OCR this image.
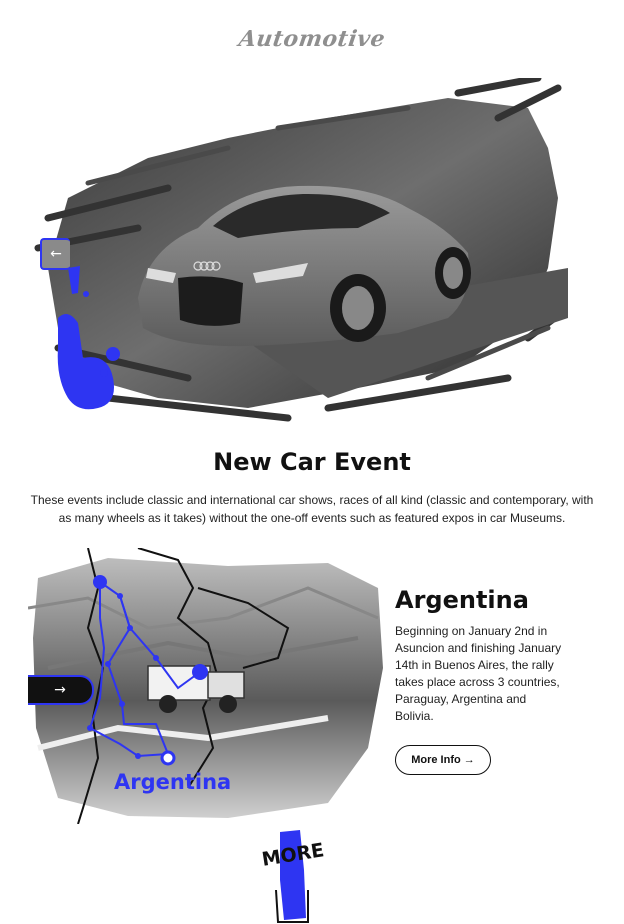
Automotive
←
New Car Event
These events include classic and international car shows, races of all kind (classic and contemporary, with as many wheels as it takes) without the one-off events such as featured expos in car Museums.
→
Argentina
Argentina
Beginning on January 2nd in Asuncion and finishing January 14th in Buenos Aires, the rally takes place across 3 countries, Paraguay, Argentina and Bolivia.
More Info →
MORE
